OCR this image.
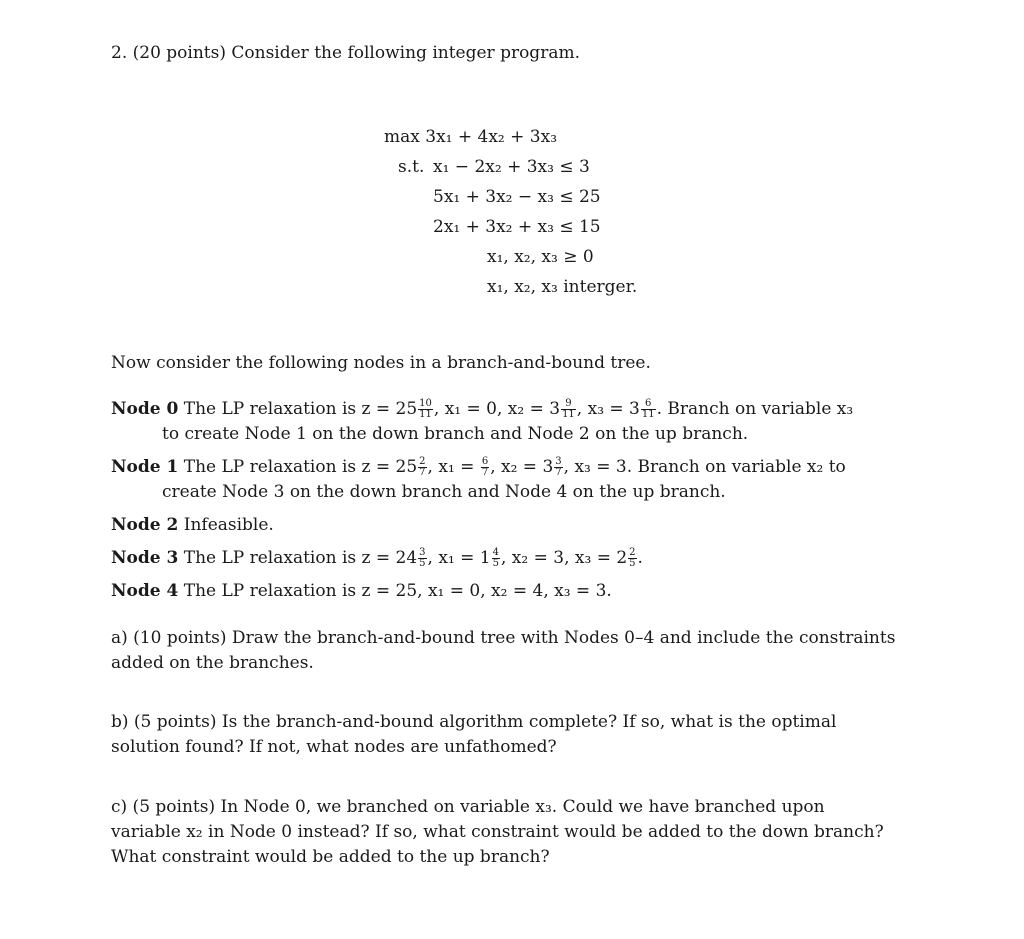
2. (20 points) Consider the following integer program.
max 3x₁ + 4x₂ + 3x₃
s.t. x₁ − 2x₂ + 3x₃ ≤ 3
5x₁ + 3x₂ − x₃ ≤ 25
2x₁ + 3x₂ + x₃ ≤ 15
x₁, x₂, x₃ ≥ 0
x₁, x₂, x₃ interger.
Now consider the following nodes in a branch-and-bound tree.
Node 0 The LP relaxation is $z = 25 \frac{10}{11}$ , x₁ = 0, $x_2 = 3 \frac{9}{11}$ , $x_3 = 3 \frac{6}{11}$ . Branch on variable x₃
to create Node 1 on the down branch and Node 2 on the up branch.
Node 1 The LP relaxation is $z = 25 \frac{2}{7}$ , $x_1 = \frac{6}{7}$ , $x_2 = 3 \frac{3}{7}$ , x₃ = 3. Branch on variable x₂ to
create Node 3 on the down branch and Node 4 on the up branch.
Node 2 Infeasible.
Node 3 The LP relaxation is $z = 24 \frac{3}{5}$ , $x_1 = 1 \frac{4}{5}$ , x₂ = 3, $x_3 = 2 \frac{2}{5}$ .
Node 4 The LP relaxation is z = 25, x₁ = 0, x₂ = 4, x₃ = 3.
a) (10 points) Draw the branch-and-bound tree with Nodes 0–4 and include the constraints
added on the branches.
b) (5 points) Is the branch-and-bound algorithm complete? If so, what is the optimal
solution found? If not, what nodes are unfathomed?
c) (5 points) In Node 0, we branched on variable x₃. Could we have branched upon
variable x₂ in Node 0 instead? If so, what constraint would be added to the down branch?
What constraint would be added to the up branch?
